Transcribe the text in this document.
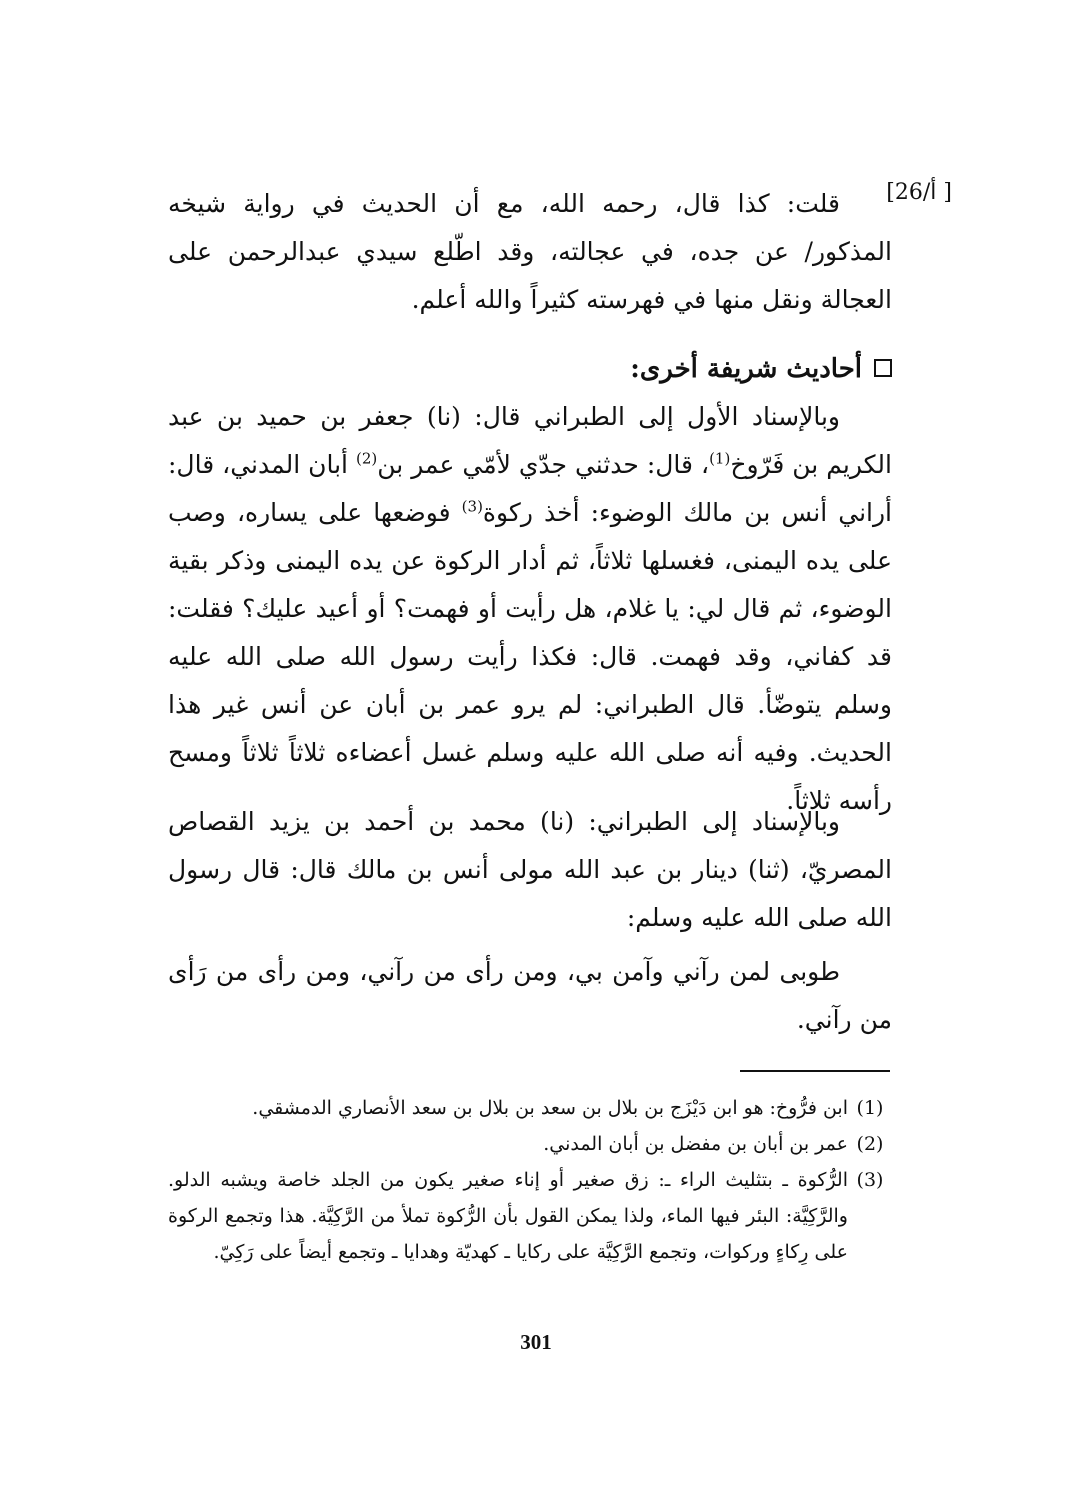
[أ/26 ]

قلت: كذا قال، رحمه الله، مع أن الحديث في رواية شيخه المذكور/ عن جده، في عجالته، وقد اطّلع سيدي عبدالرحمن على العجالة ونقل منها في فهرسته كثيراً والله أعلم.

أحاديث شريفة أخرى:

وبالإسناد الأول إلى الطبراني قال: (نا) جعفر بن حميد بن عبد الكريم بن فَرّوخ$^{(1)}$، قال: حدثني جدّي لأمّي عمر بن$^{(2)}$ أبان المدني، قال: أراني أنس بن مالك الوضوء: أخذ ركوة$^{(3)}$ فوضعها على يساره، وصب على يده اليمنى، فغسلها ثلاثاً، ثم أدار الركوة عن يده اليمنى وذكر بقية الوضوء، ثم قال لي: يا غلام، هل رأيت أو فهمت؟ أو أعيد عليك؟ فقلت: قد كفاني، وقد فهمت. قال: فكذا رأيت رسول الله صلى الله عليه وسلم يتوضّأ. قال الطبراني: لم يرو عمر بن أبان عن أنس غير هذا الحديث. وفيه أنه صلى الله عليه وسلم غسل أعضاءه ثلاثاً ثلاثاً ومسح رأسه ثلاثاً.

وبالإسناد إلى الطبراني: (نا) محمد بن أحمد بن يزيد القصاص المصريّ، (ثنا) دينار بن عبد الله مولى أنس بن مالك قال: قال رسول الله صلى الله عليه وسلم:

طوبى لمن رآني وآمن بي، ومن رأى من رآني، ومن رأى من رَأى من رآني.

(1)
ابن فرُّوخ: هو ابن دَيْزَج بن بلال بن سعد بن بلال بن سعد الأنصاري الدمشقي.
(2)
عمر بن أبان بن مفضل بن أبان المدني.
(3)
الرُّكوة ـ بتثليث الراء ـ: زق صغير أو إناء صغير يكون من الجلد خاصة ويشبه الدلو. والرَّكِيَّة: البئر فيها الماء، ولذا يمكن القول بأن الرُّكوة تملأ من الرَّكِيَّة. هذا وتجمع الركوة على رِكاءٍ وركوات، وتجمع الرَّكِيَّة على ركايا ـ كهديّة وهدايا ـ وتجمع أيضاً على رَكِيّ.
301
